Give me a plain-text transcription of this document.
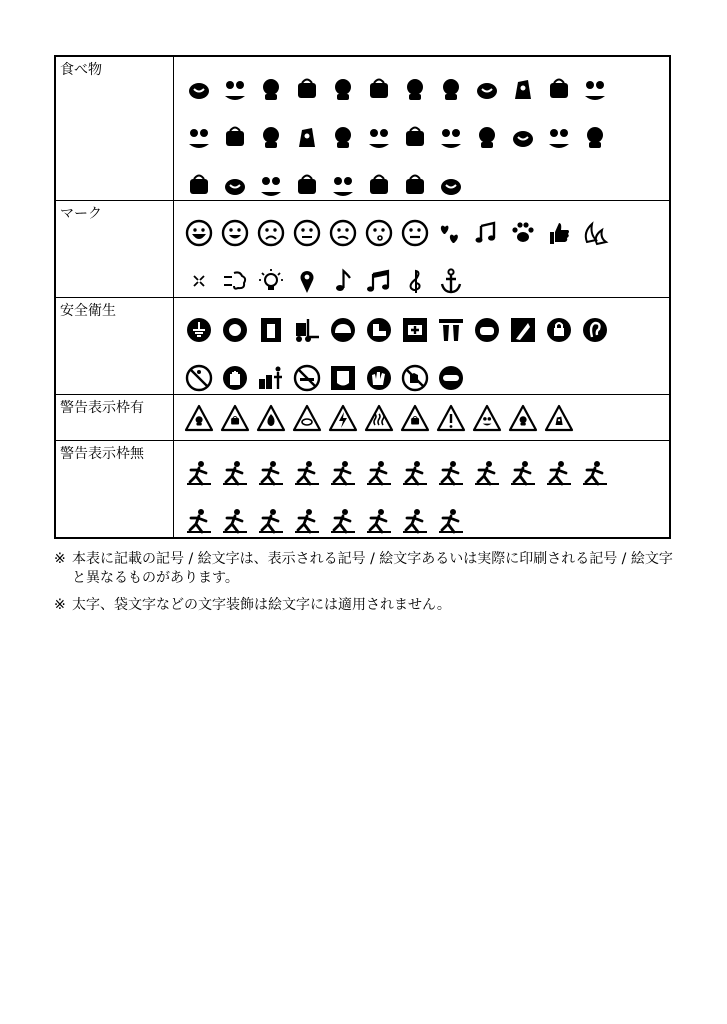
食べ物
マーク
安全衛生
警告表示枠有
警告表示枠無
※ 本表に記載の記号 / 絵文字は、表示される記号 / 絵文字あるいは実際に印刷される記号 / 絵文字と異なるものがあります。

※ 太字、袋文字などの文字装飾は絵文字には適用されません。
